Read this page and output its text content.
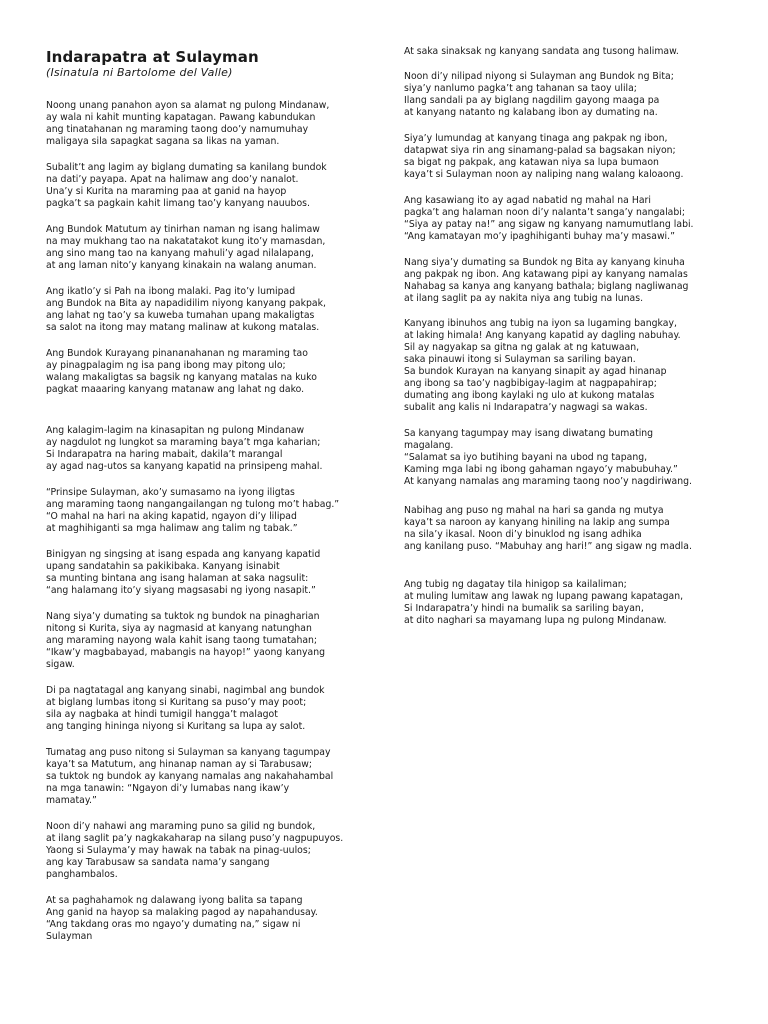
Indarapatra at Sulayman
(Isinatula ni Bartolome del Valle)
Noong unang panahon ayon sa alamat ng pulong Mindanaw,
ay wala ni kahit munting kapatagan. Pawang kabundukan
ang tinatahanan ng maraming taong doo’y namumuhay
maligaya sila sapagkat sagana sa likas na yaman.
Subalit’t ang lagim ay biglang dumating sa kanilang bundok
na dati’y payapa. Apat na halimaw ang doo’y nanalot.
Una’y si Kurita na maraming paa at ganid na hayop
pagka’t sa pagkain kahit limang tao’y kanyang nauubos.
Ang Bundok Matutum ay tinirhan naman ng isang halimaw
na may mukhang tao na nakatatakot kung ito’y mamasdan,
ang sino mang tao na kanyang mahuli’y agad nilalapang,
at ang laman nito’y kanyang kinakain na walang anuman.
Ang ikatlo’y si Pah na ibong malaki. Pag ito’y lumipad
ang Bundok na Bita ay napadidilim niyong kanyang pakpak,
ang lahat ng tao’y sa kuweba tumahan upang makaligtas
sa salot na itong may matang malinaw at kukong matalas.
Ang Bundok Kurayang pinananahanan ng maraming tao
ay pinagpalagim ng isa pang ibong may pitong ulo;
walang makaligtas sa bagsik ng kanyang matalas na kuko
pagkat maaaring kanyang matanaw ang lahat ng dako.
Ang kalagim-lagim na kinasapitan ng pulong Mindanaw
ay nagdulot ng lungkot sa maraming baya’t mga kaharian;
Si Indarapatra na haring mabait, dakila’t marangal
ay agad nag-utos sa kanyang kapatid na prinsipeng mahal.
“Prinsipe Sulayman, ako’y sumasamo na iyong iligtas
ang maraming taong nangangailangan ng tulong mo’t habag.”
“O mahal na hari na aking kapatid, ngayon di’y lilipad
at maghihiganti sa mga halimaw ang talim ng tabak.”
Binigyan ng singsing at isang espada ang kanyang kapatid
upang sandatahin sa pakikibaka. Kanyang isinabit
sa munting bintana ang isang halaman at saka nagsulit:
“ang halamang ito’y siyang magsasabi ng iyong nasapit.”
Nang siya’y dumating sa tuktok ng bundok na pinagharian
nitong si Kurita, siya ay nagmasid at kanyang natunghan
ang maraming nayong wala kahit isang taong tumatahan;
“Ikaw’y magbabayad, mabangis na hayop!” yaong kanyang
sigaw.
Di pa nagtatagal ang kanyang sinabi, nagimbal ang bundok
at biglang lumbas itong si Kuritang sa puso’y may poot;
sila ay nagbaka at hindi tumigil hangga’t malagot
ang tanging hininga niyong si Kuritang sa lupa ay salot.
Tumatag ang puso nitong si Sulayman sa kanyang tagumpay
kaya’t sa Matutum, ang hinanap naman ay si Tarabusaw;
sa tuktok ng bundok ay kanyang namalas ang nakahahambal
na mga tanawin: “Ngayon di’y lumabas nang ikaw’y
mamatay.”
Noon di’y nahawi ang maraming puno sa gilid ng bundok,
at ilang saglit pa’y nagkakaharap na silang puso’y nagpupuyos.
Yaong si Sulayma’y may hawak na tabak na pinag-uulos;
ang kay Tarabusaw sa sandata nama’y sangang
panghambalos.
At sa paghahamok ng dalawang iyong balita sa tapang
Ang ganid na hayop sa malaking pagod ay napahandusay.
“Ang takdang oras mo ngayo’y dumating na,” sigaw ni
Sulayman
At saka sinaksak ng kanyang sandata ang tusong halimaw.
Noon di’y nilipad niyong si Sulayman ang Bundok ng Bita;
siya’y nanlumo pagka’t ang tahanan sa taoy ulila;
Ilang sandali pa ay biglang nagdilim gayong maaga pa
at kanyang natanto ng kalabang ibon ay dumating na.
Siya’y lumundag at kanyang tinaga ang pakpak ng ibon,
datapwat siya rin ang sinamang-palad sa bagsakan niyon;
sa bigat ng pakpak, ang katawan niya sa lupa bumaon
kaya’t si Sulayman noon ay naliping nang walang kaloaong.
Ang kasawiang ito ay agad nabatid ng mahal na Hari
pagka’t ang halaman noon di’y nalanta’t sanga’y nangalabi;
“Siya ay patay na!” ang sigaw ng kanyang namumutlang labi.
“Ang kamatayan mo’y ipaghihiganti buhay ma’y masawi.”
Nang siya’y dumating sa Bundok ng Bita ay kanyang kinuha
ang pakpak ng ibon. Ang katawang pipi ay kanyang namalas
Nahabag sa kanya ang kanyang bathala; biglang nagliwanag
at ilang saglit pa ay nakita niya ang tubig na lunas.
Kanyang ibinuhos ang tubig na iyon sa lugaming bangkay,
at laking himala! Ang kanyang kapatid ay dagling nabuhay.
Sil ay nagyakap sa gitna ng galak at ng katuwaan,
saka pinauwi itong si Sulayman sa sariling bayan.
Sa bundok Kurayan na kanyang sinapit ay agad hinanap
ang ibong sa tao’y nagbibigay-lagim at nagpapahirap;
dumating ang ibong kaylaki ng ulo at kukong matalas
subalit ang kalis ni Indarapatra’y nagwagi sa wakas.
Sa kanyang tagumpay may isang diwatang bumating
magalang.
“Salamat sa iyo butihing bayani na ubod ng tapang,
Kaming mga labi ng ibong gahaman ngayo’y mabubuhay.”
At kanyang namalas ang maraming taong noo’y nagdiriwang.
Nabihag ang puso ng mahal na hari sa ganda ng mutya
kaya’t sa naroon ay kanyang hiniling na lakip ang sumpa
na sila’y ikasal. Noon di’y binuklod ng isang adhika
ang kanilang puso. “Mabuhay ang hari!” ang sigaw ng madla.
Ang tubig ng dagatay tila hinigop sa kailaliman;
at muling lumitaw ang lawak ng lupang pawang kapatagan,
Si Indarapatra’y hindi na bumalik sa sariling bayan,
at dito naghari sa mayamang lupa ng pulong Mindanaw.
